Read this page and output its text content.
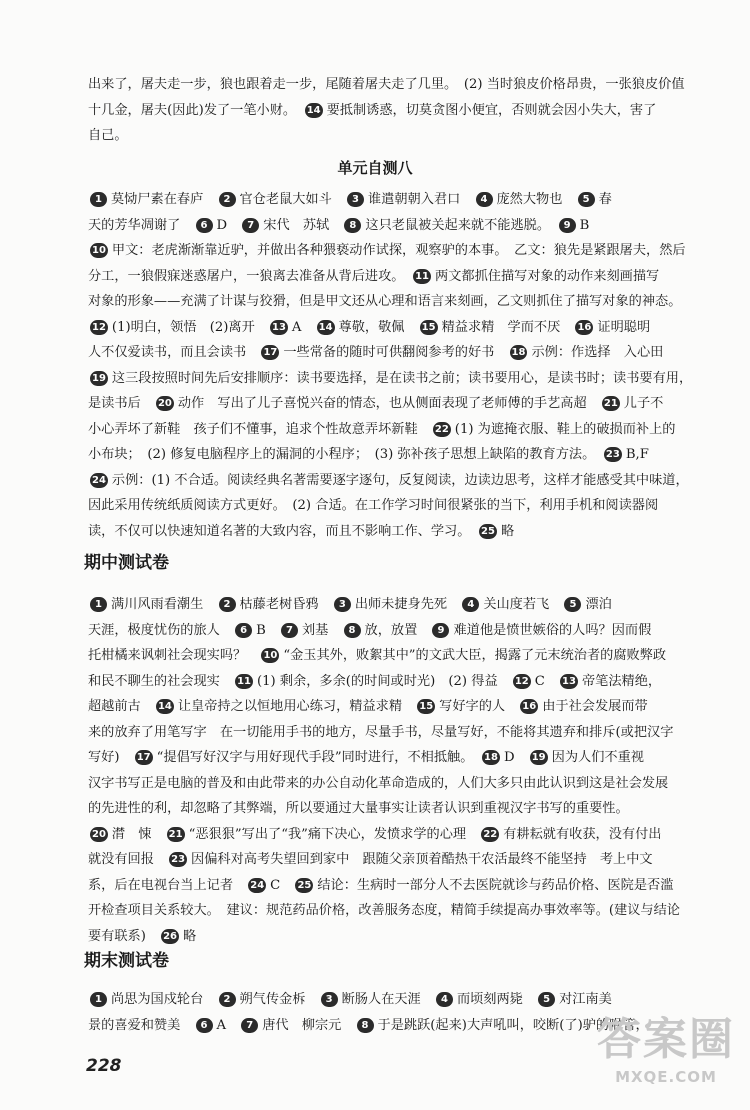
出来了，屠夫走一步，狼也跟着走一步，尾随着屠夫走了几里。　(2) 当时狼皮价格昂贵，一张狼皮价值
十几金，屠夫(因此)发了一笔小财。　14 要抵制诱惑，切莫贪图小便宜，否则就会因小失大，害了
自己。
单元自测八
1 莫恸尸素在春庐　2 官仓老鼠大如斗　3 谁遣朝朝入君口　4 庞然大物也　5 春
天的芳华凋谢了　6 D　7 宋代　苏轼　8 这只老鼠被关起来就不能逃脱。　9 B
10 甲文：老虎渐渐靠近驴，并做出各种猥亵动作试探，观察驴的本事。　乙文：狼先是紧跟屠夫，然后
分工，一狼假寐迷惑屠户，一狼离去准备从背后进攻。　11 两文都抓住描写对象的动作来刻画描写
对象的形象——充满了计谋与狡猾，但是甲文还从心理和语言来刻画，乙文则抓住了描写对象的神态。
12 (1)明白，领悟　(2)离开　13 A　14 尊敬，敬佩　15 精益求精　学而不厌　16 证明聪明
人不仅爱读书，而且会读书　17 一些常备的随时可供翻阅参考的好书　18 示例：作选择　入心田
19 这三段按照时间先后安排顺序：读书要选择，是在读书之前；读书要用心，是读书时；读书要有用，
是读书后　20 动作　写出了儿子喜悦兴奋的情态，也从侧面表现了老师傅的手艺高超　21 儿子不
小心弄坏了新鞋　孩子们不懂事，追求个性故意弄坏新鞋　22 (1) 为遮掩衣服、鞋上的破损而补上的
小布块；　(2) 修复电脑程序上的漏洞的小程序；　(3) 弥补孩子思想上缺陷的教育方法。　23 B,F
24 示例：(1) 不合适。阅读经典名著需要逐字逐句，反复阅读，边读边思考，这样才能感受其中味道，
因此采用传统纸质阅读方式更好。　(2) 合适。在工作学习时间很紧张的当下，利用手机和阅读器阅
读，不仅可以快速知道名著的大致内容，而且不影响工作、学习。　25 略
期中测试卷
1 满川风雨看潮生　2 枯藤老树昏鸦　3 出师未捷身先死　4 关山度若飞　5 漂泊
天涯，极度忧伤的旅人　6 B　7 刘基　8 放，放置　9 难道他是愤世嫉俗的人吗？因而假
托柑橘来讽刺社会现实吗？　10 “金玉其外，败絮其中”的文武大臣，揭露了元末统治者的腐败弊政
和民不聊生的社会现实　11 (1) 剩余，多余(的时间或时光)　(2) 得益　12 C　13 帝笔法精绝，
超越前古　14 让皇帝持之以恒地用心练习，精益求精　15 写好字的人　16 由于社会发展而带
来的放弃了用笔写字　在一切能用手书的地方，尽量手书，尽量写好，不能将其遗弃和排斥(或把汉字
写好)　17 “提倡写好汉字与用好现代手段”同时进行，不相抵触。　18 D　19 因为人们不重视
汉字书写正是电脑的普及和由此带来的办公自动化革命造成的，人们大多只由此认识到这是社会发展
的先进性的利，却忽略了其弊端，所以要通过大量事实让读者认识到重视汉字书写的重要性。
20 潸　悚　21 “恶狠狠”写出了“我”痛下决心，发愤求学的心理　22 有耕耘就有收获，没有付出
就没有回报　23 因偏科对高考失望回到家中　跟随父亲顶着酷热干农活最终不能坚持　考上中文
系，后在电视台当上记者　24 C　25 结论：生病时一部分人不去医院就诊与药品价格、医院是否滥
开检查项目关系较大。　建议：规范药品价格，改善服务态度，精简手续提高办事效率等。(建议与结论
要有联系)　26 略
期末测试卷
1 尚思为国戍轮台　2 朔气传金柝　3 断肠人在天涯　4 而顷刻两毙　5 对江南美
景的喜爱和赞美　6 A　7 唐代　柳宗元　8 于是跳跃(起来)大声吼叫，咬断(了)驴的喉管，
228
答案圈
MXQE.COM
